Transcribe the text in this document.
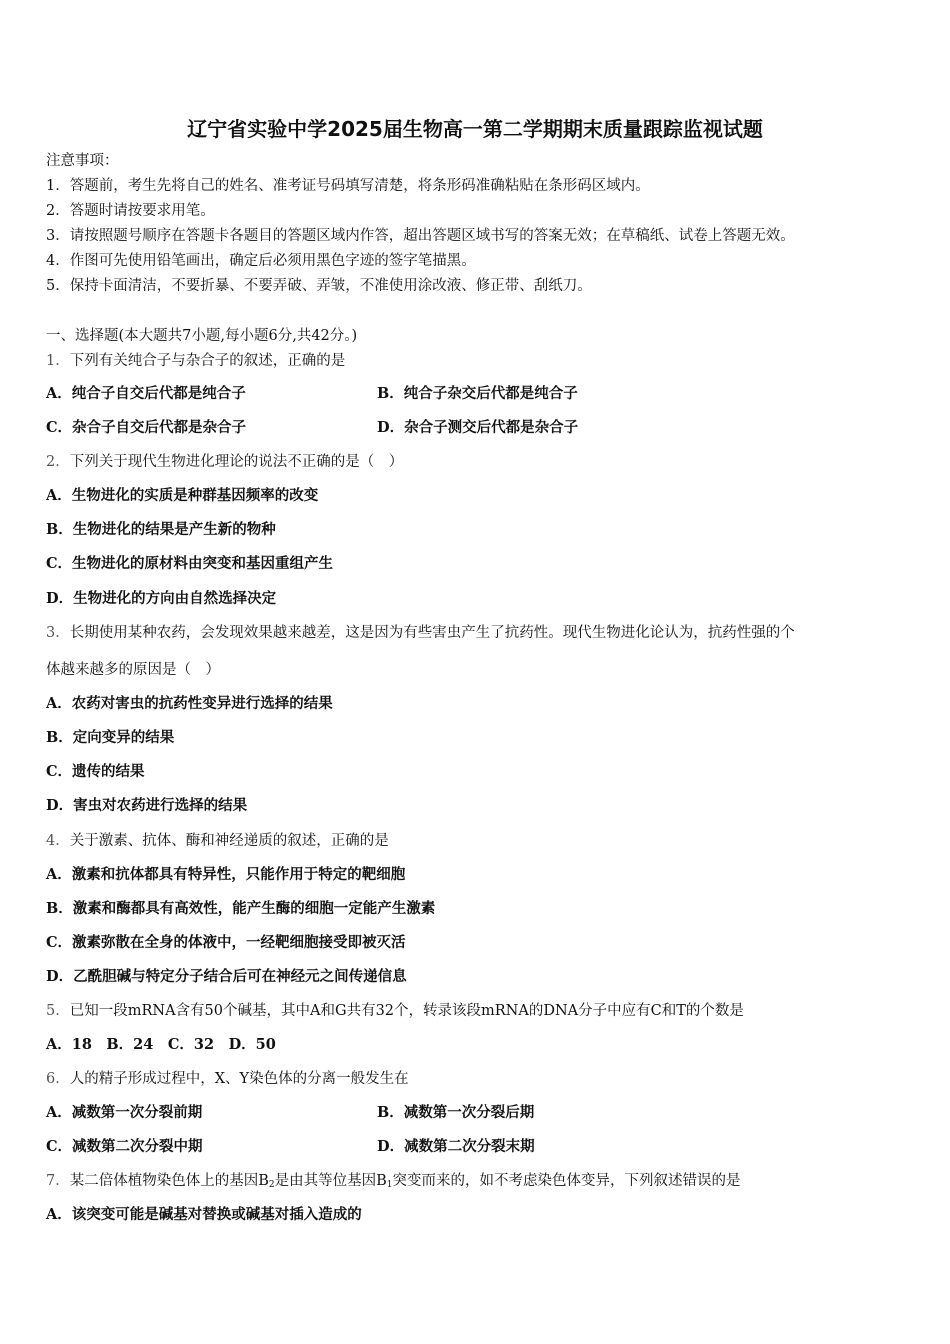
辽宁省实验中学2025届生物高一第二学期期末质量跟踪监视试题
注意事项：
1．答题前，考生先将自己的姓名、准考证号码填写清楚，将条形码准确粘贴在条形码区域内。
2．答题时请按要求用笔。
3．请按照题号顺序在答题卡各题目的答题区域内作答，超出答题区域书写的答案无效；在草稿纸、试卷上答题无效。
4．作图可先使用铅笔画出，确定后必须用黑色字迹的签字笔描黑。
5．保持卡面清洁，不要折暴、不要弄破、弄皱，不准使用涂改液、修正带、刮纸刀。
一、选择题(本大题共7小题,每小题6分,共42分。)
1．下列有关纯合子与杂合子的叙述，正确的是
A．纯合子自交后代都是纯合子	B．纯合子杂交后代都是纯合子
C．杂合子自交后代都是杂合子	D．杂合子测交后代都是杂合子
2．下列关于现代生物进化理论的说法不正确的是（　）
A．生物进化的实质是种群基因频率的改变
B．生物进化的结果是产生新的物种
C．生物进化的原材料由突变和基因重组产生
D．生物进化的方向由自然选择决定
3．长期使用某种农药，会发现效果越来越差，这是因为有些害虫产生了抗药性。现代生物进化论认为，抗药性强的个
体越来越多的原因是（　）
A．农药对害虫的抗药性变异进行选择的结果
B．定向变异的结果
C．遗传的结果
D．害虫对农药进行选择的结果
4．关于激素、抗体、酶和神经递质的叙述，正确的是
A．激素和抗体都具有特异性，只能作用于特定的靶细胞
B．激素和酶都具有高效性，能产生酶的细胞一定能产生激素
C．激素弥散在全身的体液中，一经靶细胞接受即被灭活
D．乙酰胆碱与特定分子结合后可在神经元之间传递信息
5．已知一段mRNA含有50个碱基，其中A和G共有32个，转录该段mRNA的DNA分子中应有C和T的个数是
A．18　B．24　C．32　D．50
6．人的精子形成过程中，X、Y染色体的分离一般发生在
A．减数第一次分裂前期	B．减数第一次分裂后期
C．减数第二次分裂中期	D．减数第二次分裂末期
7．某二倍体植物染色体上的基因$B_2$是由其等位基因$B_1$突变而来的，如不考虑染色体变异，下列叙述错误的是
A．该突变可能是碱基对替换或碱基对插入造成的
